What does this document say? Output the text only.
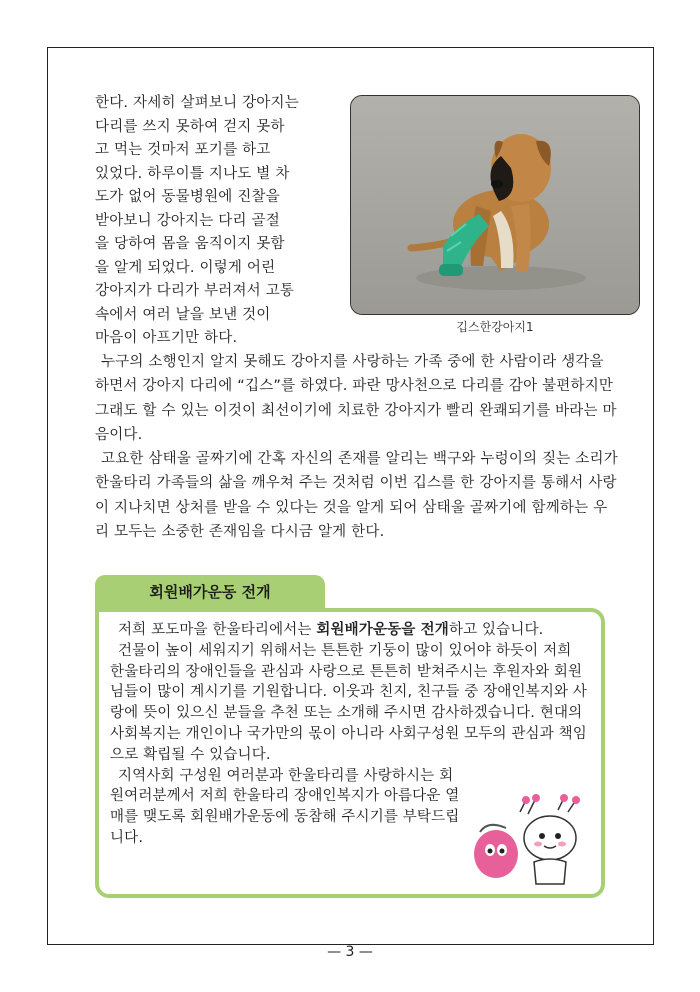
한다. 자세히 살펴보니 강아지는
다리를 쓰지 못하여 걷지 못하
고 먹는 것마저 포기를 하고
있었다. 하루이틀 지나도 별 차
도가 없어 동물병원에 진찰을
받아보니 강아지는 다리 골절
을 당하여 몸을 움직이지 못함
을 알게 되었다. 이렇게 어린
강아지가 다리가 부러져서 고통
속에서 여러 날을 보낸 것이
마음이 아프기만 하다.
깁스한강아지1

누구의 소행인지 알지 못해도 강아지를 사랑하는 가족 중에 한 사람이라 생각을 하면서 강아지 다리에 “깁스”를 하였다. 파란 망사천으로 다리를 감아 불편하지만 그래도 할 수 있는 이것이 최선이기에 치료한 강아지가 빨리 완쾌되기를 바라는 마음이다.

고요한 삼태울 골짜기에 간혹 자신의 존재를 알리는 백구와 누렁이의 짖는 소리가 한울타리 가족들의 삶을 깨우쳐 주는 것처럼 이번 깁스를 한 강아지를 통해서 사랑이 지나치면 상처를 받을 수 있다는 것을 알게 되어 삼태울 골짜기에 함께하는 우리 모두는 소중한 존재임을 다시금 알게 한다.

회원배가운동 전개

저희 포도마을 한울타리에서는 회원배가운동을 전개하고 있습니다.

건물이 높이 세워지기 위해서는 튼튼한 기둥이 많이 있어야 하듯이 저희 한울타리의 장애인들을 관심과 사랑으로 튼튼히 받쳐주시는 후원자와 회원님들이 많이 계시기를 기원합니다. 이웃과 친지, 친구들 중 장애인복지와 사랑에 뜻이 있으신 분들을 추천 또는 소개해 주시면 감사하겠습니다. 현대의 사회복지는 개인이나 국가만의 몫이 아니라 사회구성원 모두의 관심과 책임으로 확립될 수 있습니다.

지역사회 구성원 여러분과 한울타리를 사랑하시는 회원여러분께서 저희 한울타리 장애인복지가 아름다운 열매를 맺도록 회원배가운동에 동참해 주시기를 부탁드립니다.

— 3 —
